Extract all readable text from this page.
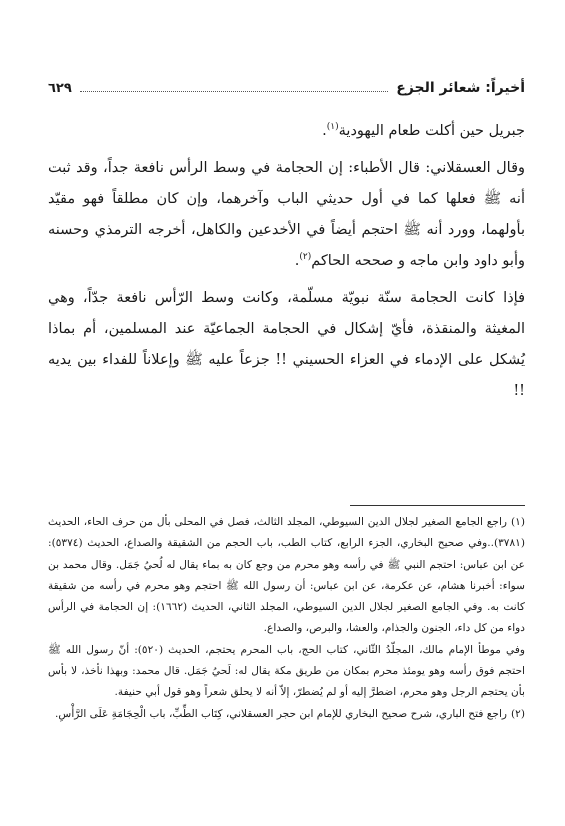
أخيراً: شعائر الجزع
٦٢٩

جبريل حين أكلت طعام اليهودية$^{(١)}$.

وقال العسقلاني: قال الأطباء: إن الحجامة في وسط الرأس نافعة جداً، وقد ثبت أنه ﷺ فعلها كما في أول حديثي الباب وآخرهما، وإن كان مطلقاً فهو مقيّد بأولهما، وورد أنه ﷺ احتجم أيضاً في الأخدعين والكاهل، أخرجه الترمذي وحسنه وأبو داود وابن ماجه و صححه الحاكم$^{(٢)}$.

فإذا كانت الحجامة سنّة نبويّة مسلّمة، وكانت وسط الرّأس نافعة جدّاً، وهي المغيثة والمنقذة، فأيّ إشكال في الحجامة الجماعيّة عند المسلمين، أم بماذا يُشكل على الإدماء في العزاء الحسيني !! جزعاً عليه ﷺ وإعلاناً للفداء بين يديه !!

(١)راجع الجامع الصغير لجلال الدين السيوطي، المجلد الثالث، فصل في المحلى بأل من حرف الحاء، الحديث (٣٧٨١)..وفي صحيح البخاري، الجزء الرابع، كتاب الطب، باب الحجم من الشقيقة والصداع، الحديث (٥٣٧٤): عن ابن عباس: احتجم النبي ﷺ في رأسه وهو محرم من وجع كان به بماء يقال له لُحيُ جَمَل. وقال محمد بن سواء: أخبرنا هشام، عن عكرمة، عن ابن عباس: أن رسول الله ﷺ احتجم وهو محرم في رأسه من شقيقة كانت به. وفي الجامع الصغير لجلال الدين السيوطي، المجلد الثاني، الحديث (١٦٦٢): إن الحجامة في الرأس دواء من كل داء، الجنون والجذام، والعشا، والبرص، والصداع.

وفي موطأ الإمام مالك، المجلّدُ الثّاني، كتاب الحج، باب المحرم يحتجم، الحديث (٥٢٠): أنّ رسول الله ﷺ احتجم فوق رأسه وهو يومئذ محرم بمكان من طريق مكة يقال له: لَحيُ جَمَل. قال محمد: وبهذا نأخذ، لا بأس بأن يحتجم الرجل وهو محرم، اضطرَّ إليه أو لم يُضطرّ، إلاّ أنه لا يحلق شعراً وهو قول أبي حنيفة.

(٢)راجع فتح الباري، شرح صحيح البخاري للإمام ابن حجر العسقلاني، كِتَاب الطِّبِّ، باب الْحِجَامَةِ عَلَى الرَّأْسِ.
